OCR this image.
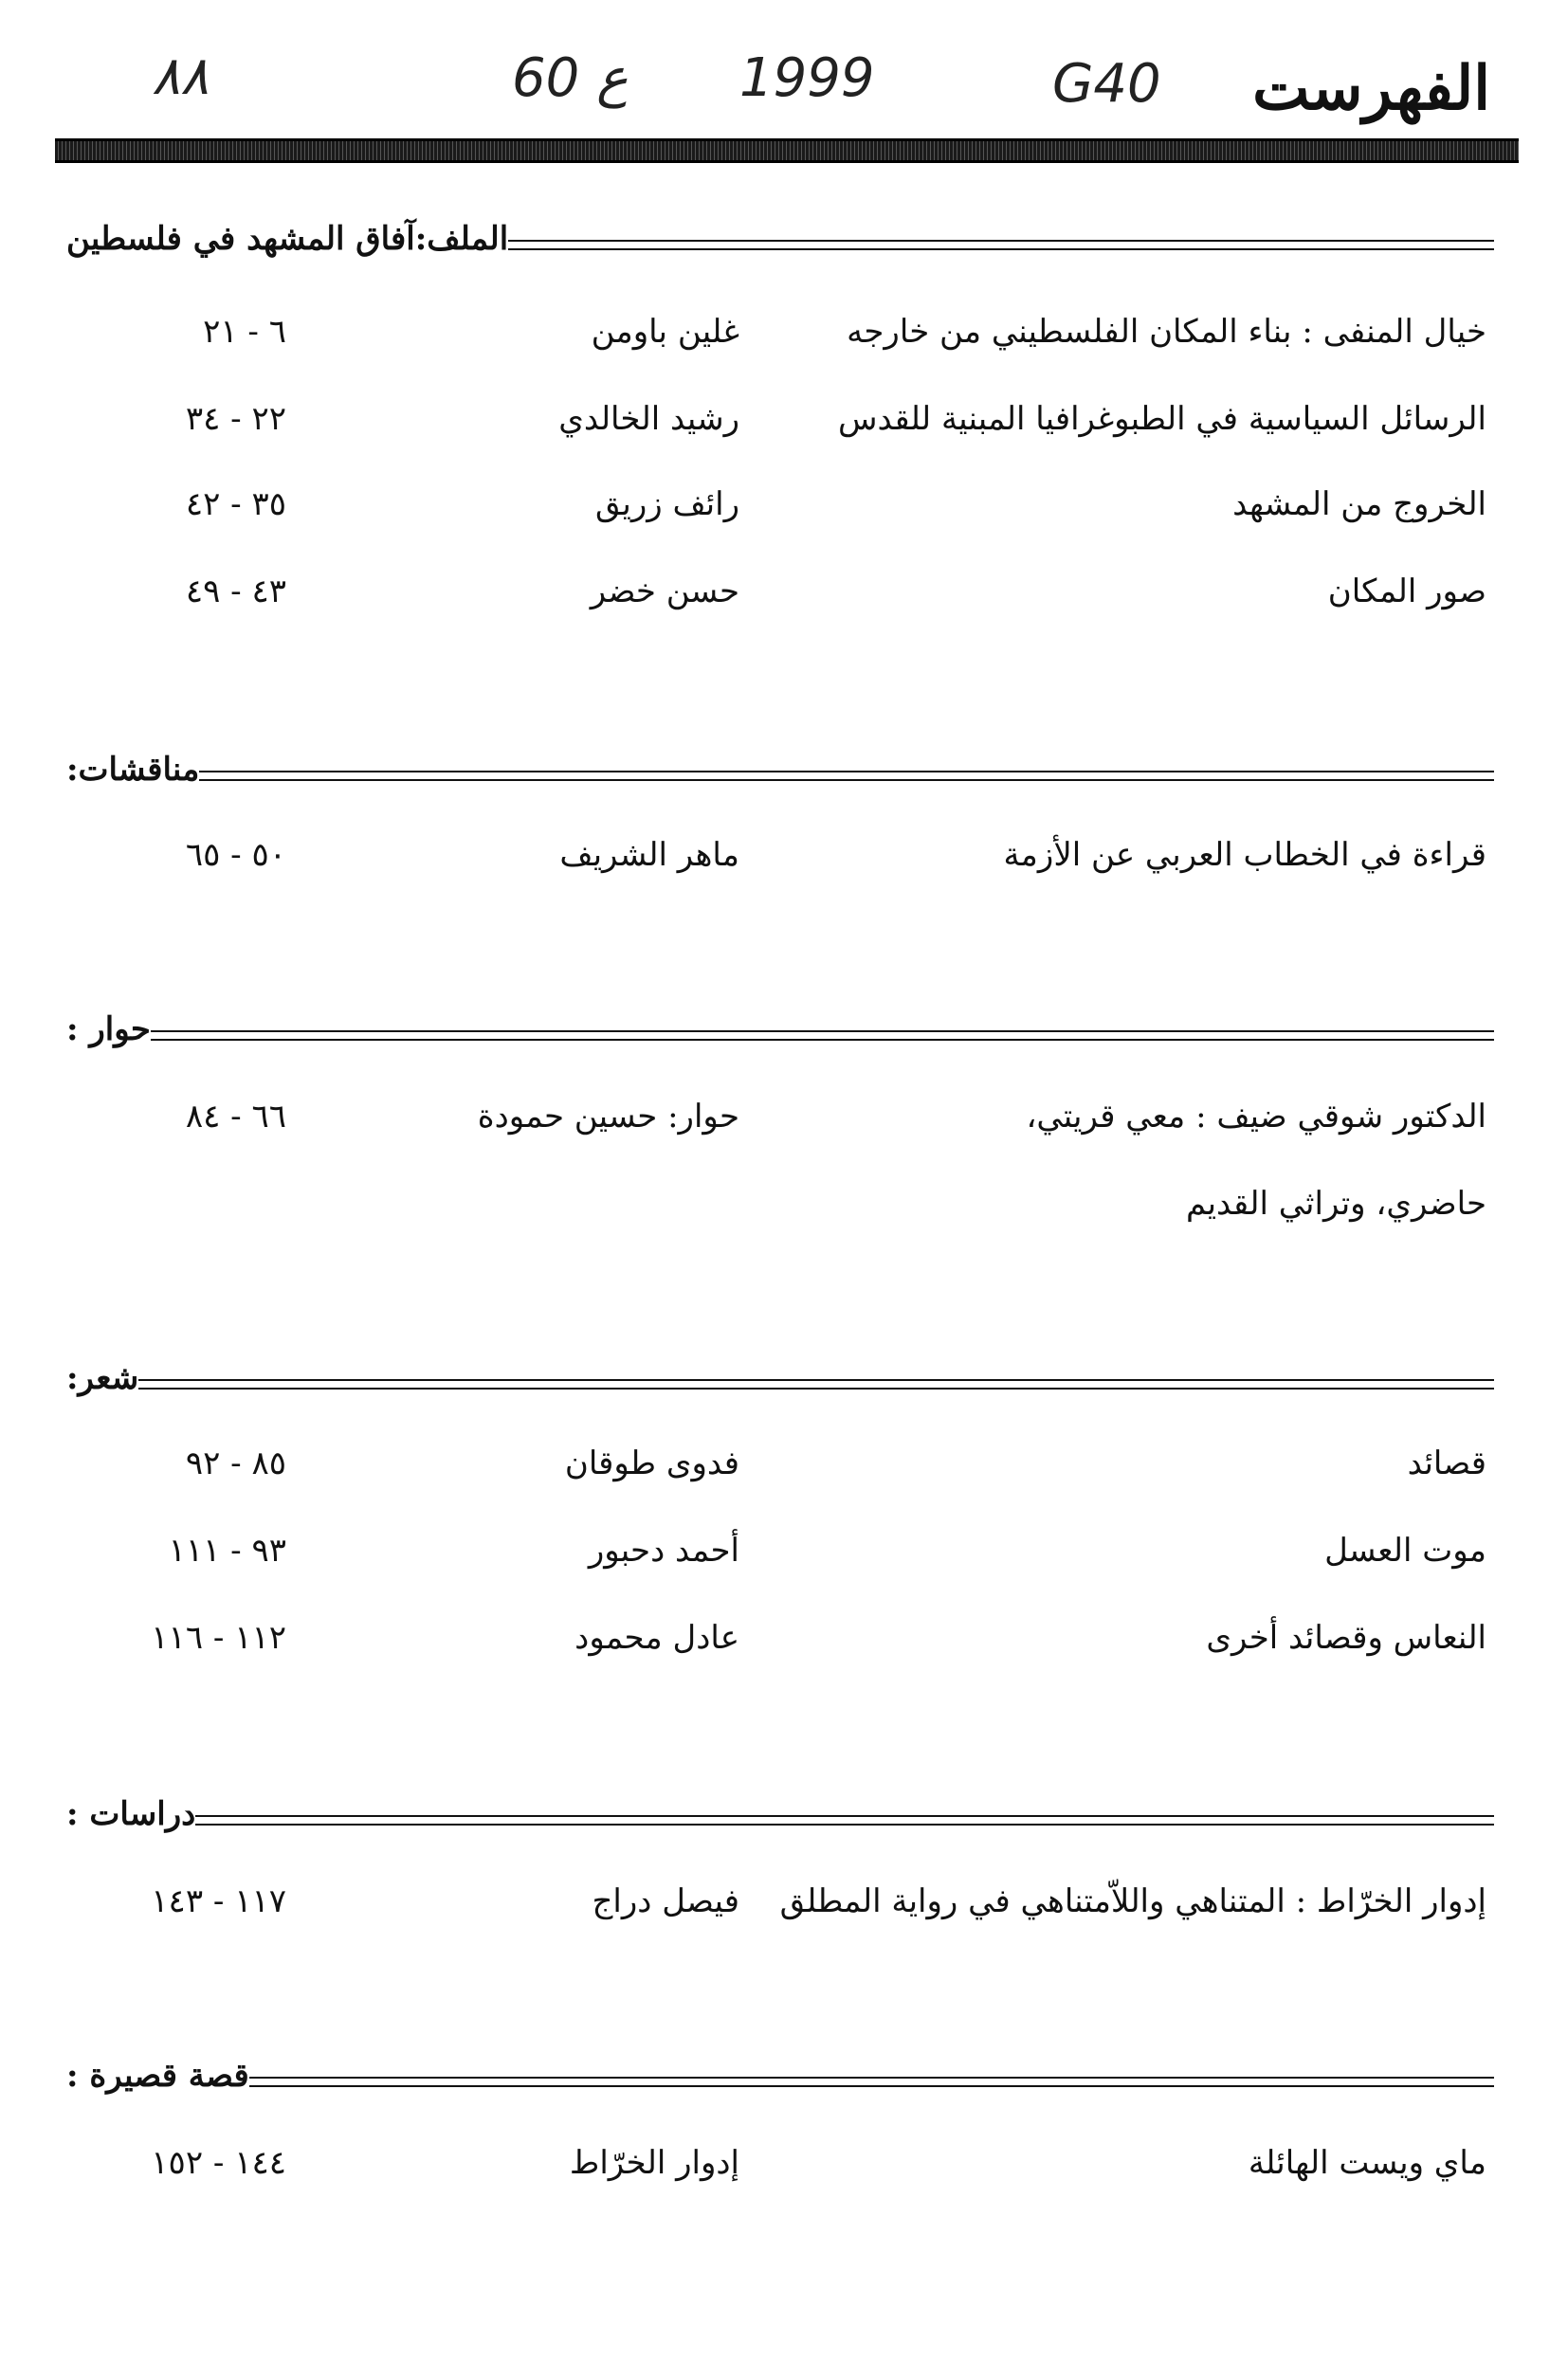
الفهرست
G40
1999
ع 60
٨٨
الملف:آفاق المشهد في فلسطين
خيال المنفى : بناء المكان الفلسطيني من خارجه
غلين باومن
٦ - ٢١
الرسائل السياسية في الطبوغرافيا المبنية للقدس
رشيد الخالدي
٢٢ - ٣٤
الخروج من المشهد
رائف زريق
٣٥ - ٤٢
صور المكان
حسن خضر
٤٣ - ٤٩
مناقشات:
قراءة في الخطاب العربي عن الأزمة
ماهر الشريف
٥٠ - ٦٥
حوار :
الدكتور شوقي ضيف : معي قريتي،
حوار: حسين حمودة
٦٦ - ٨٤
حاضري، وتراثي القديم
شعر:
قصائد
فدوى طوقان
٨٥ - ٩٢
موت العسل
أحمد دحبور
٩٣ - ١١١
النعاس وقصائد أخرى
عادل محمود
١١٢ - ١١٦
دراسات :
إدوار الخرّاط : المتناهي واللاّمتناهي في رواية المطلق
فيصل دراج
١١٧ - ١٤٣
قصة قصيرة :
ماي ويست الهائلة
إدوار الخرّاط
١٤٤ - ١٥٢
